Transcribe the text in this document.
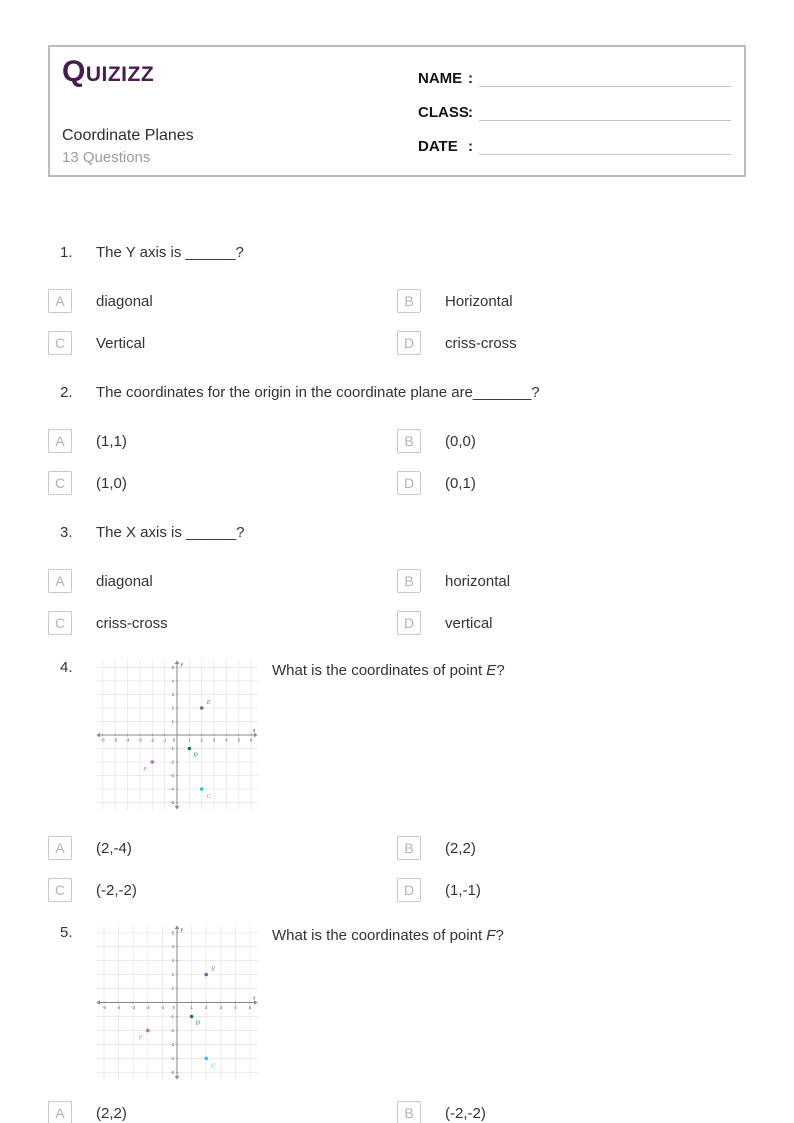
QUIZIZZ
Coordinate Planes
13 Questions
NAME :
CLASS :
DATE :
1.	The Y axis is ______?
A	diagonal	B	Horizontal
C	Vertical	D	criss-cross
2.	The coordinates for the origin in the coordinate plane are_______?
A	(1,1)	B	(0,0)
C	(1,0)	D	(0,1)
3.	The X axis is ______?
A	diagonal	B	horizontal
C	criss-cross	D	vertical
4.
x
y
-6 -5 -4 -3 -2 -1	1 2 3 4 5 6
0
-5
-4
-3
-2
-1
1
2
3
4
5
E
D
F
C
What is the coordinates of point E?
A	(2,-4)	B	(2,2)
C	(-2,-2)	D	(1,-1)
5.
x
y
-5	-4	-3	-2	-1	1	2	3	4	5
0
-5
-4
-3
-2
-1
1
2
3
4
5
E
D
F
C
What is the coordinates of point F?
A	(2,2)	B	(-2,-2)
